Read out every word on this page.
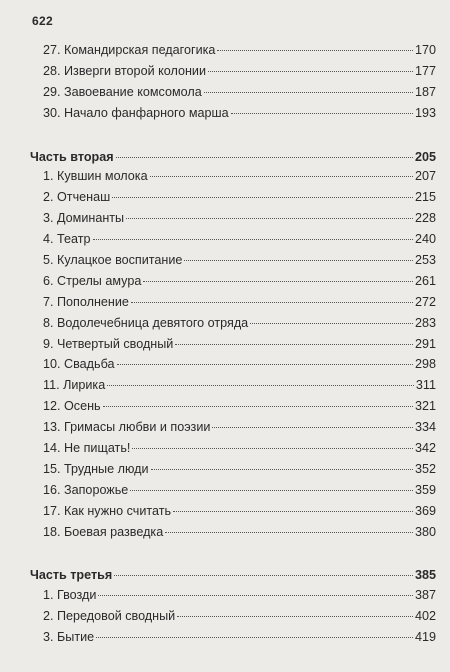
622
27. Командирская педагогика	170
28. Изверги второй колонии	177
29. Завоевание комсомола	187
30. Начало фанфарного марша	193
Часть вторая	205
1. Кувшин молока	207
2. Отченаш	215
3. Доминанты	228
4. Театр	240
5. Кулацкое воспитание	253
6. Стрелы амура	261
7. Пополнение	272
8. Водолечебница девятого отряда	283
9. Четвертый сводный	291
10. Свадьба	298
11. Лирика	311
12. Осень	321
13. Гримасы любви и поэзии	334
14. Не пищать!	342
15. Трудные люди	352
16. Запорожье	359
17. Как нужно считать	369
18. Боевая разведка	380
Часть третья	385
1. Гвозди	387
2. Передовой сводный	402
3. Бытие	419
